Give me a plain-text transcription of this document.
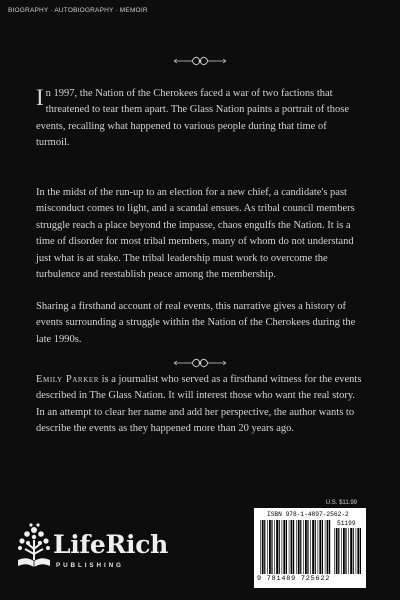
BIOGRAPHY · AUTOBIOGRAPHY · MEMOIR
In 1997, the Nation of the Cherokees faced a war of two factions that threatened to tear them apart. The Glass Nation paints a portrait of those events, recalling what happened to various people during that time of turmoil.
In the midst of the run-up to an election for a new chief, a candidate's past misconduct comes to light, and a scandal ensues. As tribal council members struggle reach a place beyond the impasse, chaos engulfs the Nation. It is a time of disorder for most tribal members, many of whom do not understand just what is at stake. The tribal leadership must work to overcome the turbulence and reestablish peace among the membership.
Sharing a firsthand account of real events, this narrative gives a history of events surrounding a struggle within the Nation of the Cherokees during the late 1990s.
Emily Parker is a journalist who served as a firsthand witness for the events described in The Glass Nation. It will interest those who want the real story. In an attempt to clear her name and add her perspective, the author wants to describe the events as they happened more than 20 years ago.
U.S. $11.99
ISBN 978-1-4897-2562-2
51199
9 781489 725622
LifeRich
PUBLISHING
